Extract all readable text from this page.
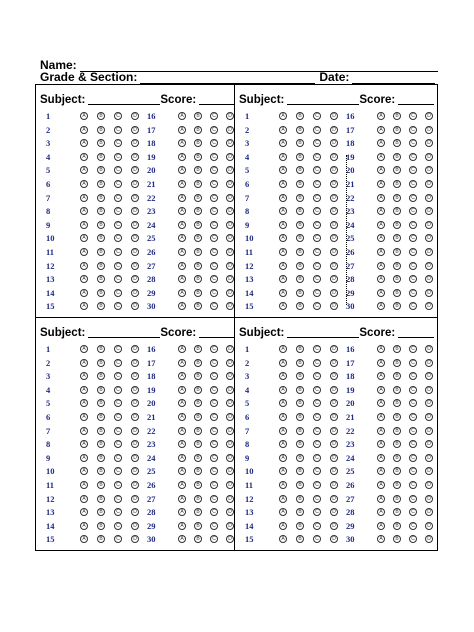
Name:
Grade & Section:	Date:
Subject:	Score:
1	A	B	C	D 16	A	B	C	D
2	A	B	C	D 17	A	B	C	D
3	A	B	C	D 18	A	B	C	D
4	A	B	C	D 19	A	B	C	D
5	A	B	C	D 20	A	B	C	D
6	A	B	C	D 21	A	B	C	D
7	A	B	C	D 22	A	B	C	D
8	A	B	C	D 23	A	B	C	D
9	A	B	C	D 24	A	B	C	D
10	A	B	C	D 25	A	B	C	D
11	A	B	C	D 26	A	B	C	D
12	A	B	C	D 27	A	B	C	D
13	A	B	C	D 28	A	B	C	D
14	A	B	C	D 29	A	B	C	D
15	A	B	C	D 30	A	B	C	D
Subject:	Score:
1	A	B	C	D 16	A	B	C	D
2	A	B	C	D 17	A	B	C	D
3	A	B	C	D 18	A	B	C	D
4	A	B	C	D 19	A	B	C	D
5	A	B	C	D 20	A	B	C	D
6	A	B	C	D 21	A	B	C	D
7	A	B	C	D 22	A	B	C	D
8	A	B	C	D 23	A	B	C	D
9	A	B	C	D 24	A	B	C	D
10	A	B	C	D 25	A	B	C	D
11	A	B	C	D 26	A	B	C	D
12	A	B	C	D 27	A	B	C	D
13	A	B	C	D 28	A	B	C	D
14	A	B	C	D 29	A	B	C	D
15	A	B	C	D 30	A	B	C	D
Subject:	Score:
1	A	B	C	D 16	A	B	C	D
2	A	B	C	D 17	A	B	C	D
3	A	B	C	D 18	A	B	C	D
4	A	B	C	D 19	A	B	C	D
5	A	B	C	D 20	A	B	C	D
6	A	B	C	D 21	A	B	C	D
7	A	B	C	D 22	A	B	C	D
8	A	B	C	D 23	A	B	C	D
9	A	B	C	D 24	A	B	C	D
10	A	B	C	D 25	A	B	C	D
11	A	B	C	D 26	A	B	C	D
12	A	B	C	D 27	A	B	C	D
13	A	B	C	D 28	A	B	C	D
14	A	B	C	D 29	A	B	C	D
15	A	B	C	D 30	A	B	C	D
Subject:	Score:
1	A	B	C	D 16	A	B	C	D
2	A	B	C	D 17	A	B	C	D
3	A	B	C	D 18	A	B	C	D
4	A	B	C	D 19	A	B	C	D
5	A	B	C	D 20	A	B	C	D
6	A	B	C	D 21	A	B	C	D
7	A	B	C	D 22	A	B	C	D
8	A	B	C	D 23	A	B	C	D
9	A	B	C	D 24	A	B	C	D
10	A	B	C	D 25	A	B	C	D
11	A	B	C	D 26	A	B	C	D
12	A	B	C	D 27	A	B	C	D
13	A	B	C	D 28	A	B	C	D
14	A	B	C	D 29	A	B	C	D
15	A	B	C	D 30	A	B	C	D
